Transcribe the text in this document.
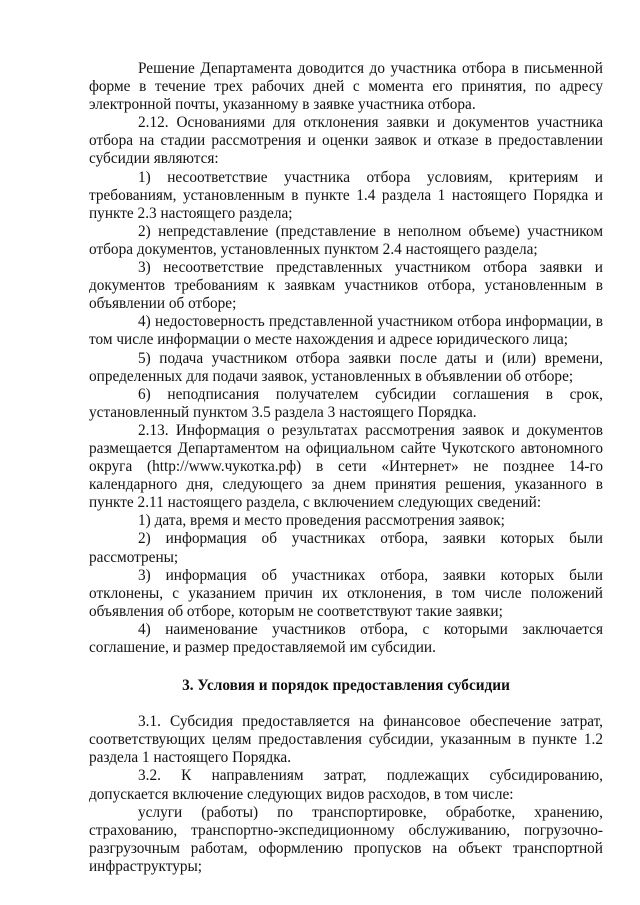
Решение Департамента доводится до участника отбора в письменной форме в течение трех рабочих дней с момента его принятия, по адресу электронной почты, указанному в заявке участника отбора.

2.12. Основаниями для отклонения заявки и документов участника отбора на стадии рассмотрения и оценки заявок и отказе в предоставлении субсидии являются:

1) несоответствие участника отбора условиям, критериям и требованиям, установленным в пункте 1.4 раздела 1 настоящего Порядка и пункте 2.3 настоящего раздела;

2) непредставление (представление в неполном объеме) участником отбора документов, установленных пунктом 2.4 настоящего раздела;

3) несоответствие представленных участником отбора заявки и документов требованиям к заявкам участников отбора, установленным в объявлении об отборе;

4) недостоверность представленной участником отбора информации, в том числе информации о месте нахождения и адресе юридического лица;

5) подача участником отбора заявки после даты и (или) времени, определенных для подачи заявок, установленных в объявлении об отборе;

6) неподписания получателем субсидии соглашения в срок, установленный пунктом 3.5 раздела 3 настоящего Порядка.

2.13. Информация о результатах рассмотрения заявок и документов размещается Департаментом на официальном сайте Чукотского автономного округа (http://www.чукотка.рф) в сети «Интернет» не позднее 14-го календарного дня, следующего за днем принятия решения, указанного в пункте 2.11 настоящего раздела, с включением следующих сведений:

1) дата, время и место проведения рассмотрения заявок;

2) информация об участниках отбора, заявки которых были рассмотрены;

3) информация об участниках отбора, заявки которых были отклонены, с указанием причин их отклонения, в том числе положений объявления об отборе, которым не соответствуют такие заявки;

4) наименование участников отбора, с которыми заключается соглашение, и размер предоставляемой им субсидии.

3. Условия и порядок предоставления субсидии

3.1. Субсидия предоставляется на финансовое обеспечение затрат, соответствующих целям предоставления субсидии, указанным в пункте 1.2 раздела 1 настоящего Порядка.

3.2. К направлениям затрат, подлежащих субсидированию, допускается включение следующих видов расходов, в том числе:

услуги (работы) по транспортировке, обработке, хранению, страхованию, транспортно-экспедиционному обслуживанию, погрузочно-разгрузочным работам, оформлению пропусков на объект транспортной инфраструктуры;
